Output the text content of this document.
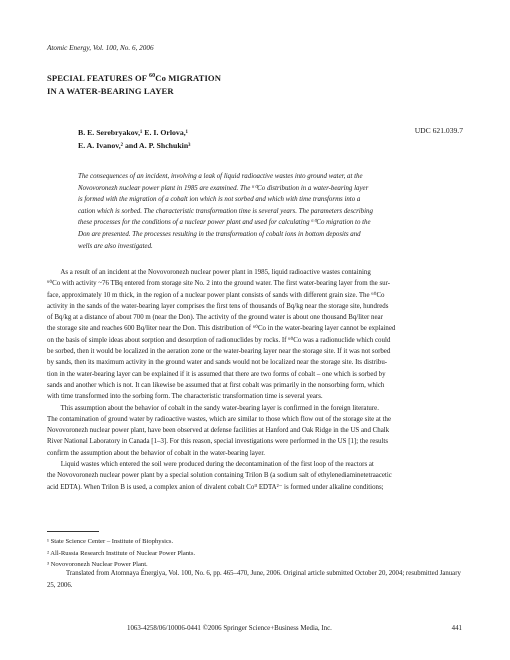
Atomic Energy, Vol. 100, No. 6, 2006
SPECIAL FEATURES OF $^{60}$Co MIGRATION
IN A WATER-BEARING LAYER
B. E. Serebryakov,¹ E. I. Orlova,¹
E. A. Ivanov,² and A. P. Shchukin³
UDC 621.039.7
The consequences of an incident, involving a leak of liquid radioactive wastes into ground water, at the
Novovoronezh nuclear power plant in 1985 are examined. The ⁶⁰Co distribution in a water-bearing layer
is formed with the migration of a cobalt ion which is not sorbed and which with time transforms into a
cation which is sorbed. The characteristic transformation time is several years. The parameters describing
these processes for the conditions of a nuclear power plant and used for calculating ⁶⁰Co migration to the
Don are presented. The processes resulting in the transformation of cobalt ions in bottom deposits and
wells are also investigated.

As a result of an incident at the Novovoronezh nuclear power plant in 1985, liquid radioactive wastes containing
⁶⁰Co with activity ~76 TBq entered from storage site No. 2 into the ground water. The first water-bearing layer from the sur-
face, approximately 10 m thick, in the region of a nuclear power plant consists of sands with different grain size. The ⁶⁰Co
activity in the sands of the water-bearing layer comprises the first tens of thousands of Bq/kg near the storage site, hundreds
of Bq/kg at a distance of about 700 m (near the Don). The activity of the ground water is about one thousand Bq/liter near
the storage site and reaches 600 Bq/liter near the Don. This distribution of ⁶⁰Co in the water-bearing layer cannot be explained
on the basis of simple ideas about sorption and desorption of radionuclides by rocks. If ⁶⁰Co was a radionuclide which could
be sorbed, then it would be localized in the aeration zone or the water-bearing layer near the storage site. If it was not sorbed
by sands, then its maximum activity in the ground water and sands would not be localized near the storage site. Its distribu-
tion in the water-bearing layer can be explained if it is assumed that there are two forms of cobalt – one which is sorbed by
sands and another which is not. It can likewise be assumed that at first cobalt was primarily in the nonsorbing form, which
with time transformed into the sorbing form. The characteristic transformation time is several years.

This assumption about the behavior of cobalt in the sandy water-bearing layer is confirmed in the foreign literature.
The contamination of ground water by radioactive wastes, which are similar to those which flow out of the storage site at the
Novovoronezh nuclear power plant, have been observed at defense facilities at Hanford and Oak Ridge in the US and Chalk
River National Laboratory in Canada [1–3]. For this reason, special investigations were performed in the US [1]; the results
confirm the assumption about the behavior of cobalt in the water-bearing layer.

Liquid wastes which entered the soil were produced during the decontamination of the first loop of the reactors at
the Novovoronezh nuclear power plant by a special solution containing Trilon B (a sodium salt of ethylenediaminetetraacetic
acid EDTA). When Trilon B is used, a complex anion of divalent cobalt Coᴵᴵ EDTA²⁻ is formed under alkaline conditions;

¹ State Science Center – Institute of Biophysics.
² All-Russia Research Institute of Nuclear Power Plants.
³ Novovoronezh Nuclear Power Plant.
Translated from Atomnaya Énergiya, Vol. 100, No. 6, pp. 465–470, June, 2006. Original article submitted October 20, 2004; resubmitted January 25, 2006.
1063-4258/06/10006-0441 ©2006 Springer Science+Business Media, Inc.	441
